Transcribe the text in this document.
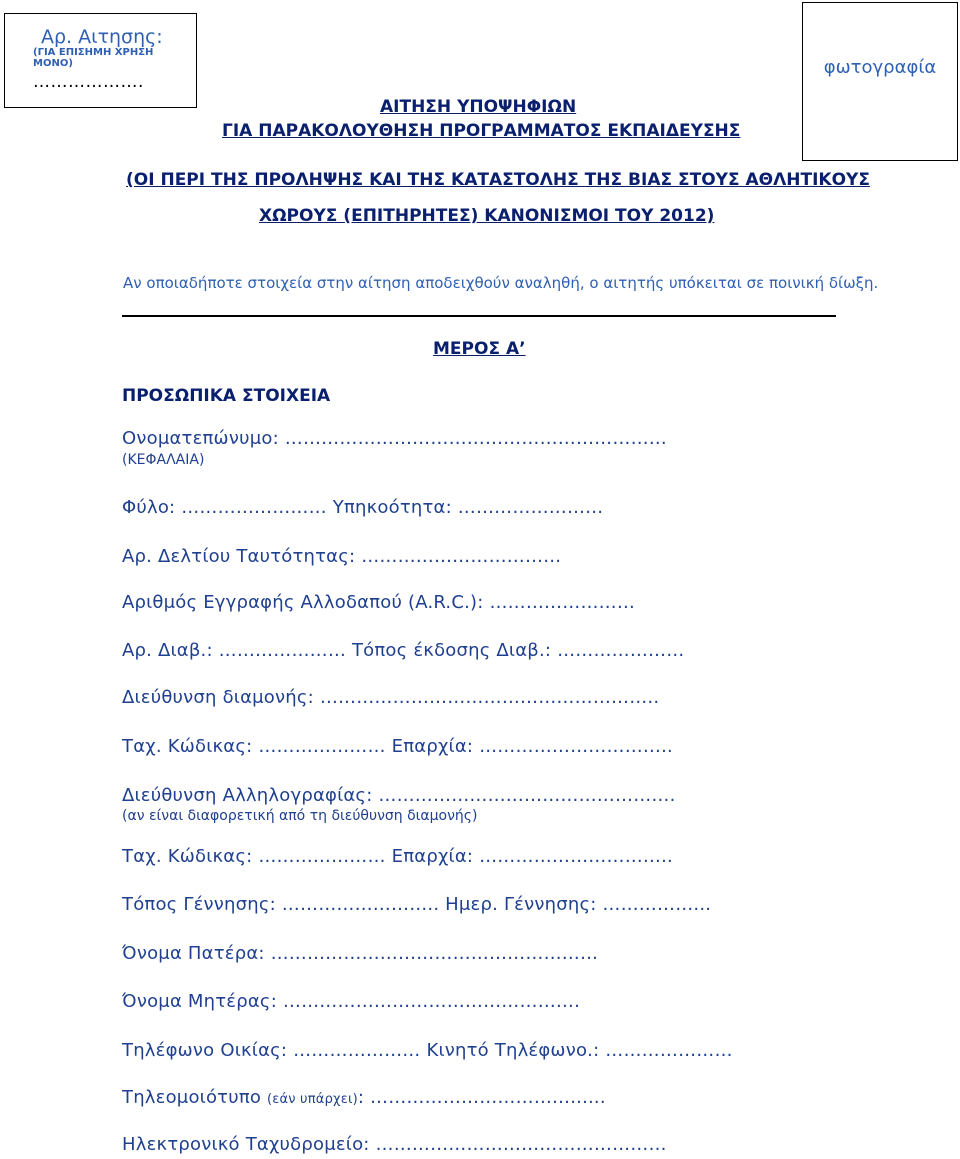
Αρ. Αιτησης:
(ΓΙΑ ΕΠΙΣΗΜΗ ΧΡΗΣΗ ΜΟΝΟ)
……………….
φωτογραφία
ΑΙΤΗΣΗ ΥΠΟΨΗΦΙΩΝ
ΓΙΑ ΠΑΡΑΚΟΛΟΥΘΗΣΗ ΠΡΟΓΡΑΜΜΑΤΟΣ ΕΚΠΑΙΔΕΥΣΗΣ
(ΟΙ ΠΕΡΙ ΤΗΣ ΠΡΟΛΗΨΗΣ ΚΑΙ ΤΗΣ ΚΑΤΑΣΤΟΛΗΣ ΤΗΣ ΒΙΑΣ ΣΤΟΥΣ ΑΘΛΗΤΙΚΟΥΣ
ΧΩΡΟΥΣ (ΕΠΙΤΗΡΗΤΕΣ) ΚΑΝΟΝΙΣΜΟΙ ΤΟΥ 2012)
Αν οποιαδήποτε στοιχεία στην αίτηση αποδειχθούν αναληθή, ο αιτητής υπόκειται σε ποινική δίωξη.
ΜΕΡΟΣ Α’
ΠΡΟΣΩΠΙΚΑ ΣΤΟΙΧΕΙΑ
Ονοματεπώνυμο: ………………………………………………………
(ΚΕΦΑΛΑΙΑ)
Φύλο: …………………… Υπηκοότητα: ……………………
Αρ. Δελτίου Ταυτότητας: ……………………………
Αριθμός Εγγραφής Αλλοδαπού (A.R.C.): ……………………
Αρ. Διαβ.: ………………… Τόπος έκδοσης Διαβ.: …………………
Διεύθυνση διαμονής: ………………………………………………..
Ταχ. Κώδικας: ………………… Επαρχία: …………………………..
Διεύθυνση Αλληλογραφίας: ………………………………………….
(αν είναι διαφορετική από τη διεύθυνση διαμονής)
Ταχ. Κώδικας: ………………… Επαρχία: …………………………..
Τόπος Γέννησης: …………………….. Ημερ. Γέννησης: ……………...
Όνομα Πατέρα: ………………………………………………
Όνομα Μητέρας: ………………………………………….
Τηλέφωνο Οικίας: ………………… Κινητό Τηλέφωνο.: …………………
Τηλεομοιότυπο (εάν υπάρχει): ……………………………......
Ηλεκτρονικό Ταχυδρομείο: …………………………………………
